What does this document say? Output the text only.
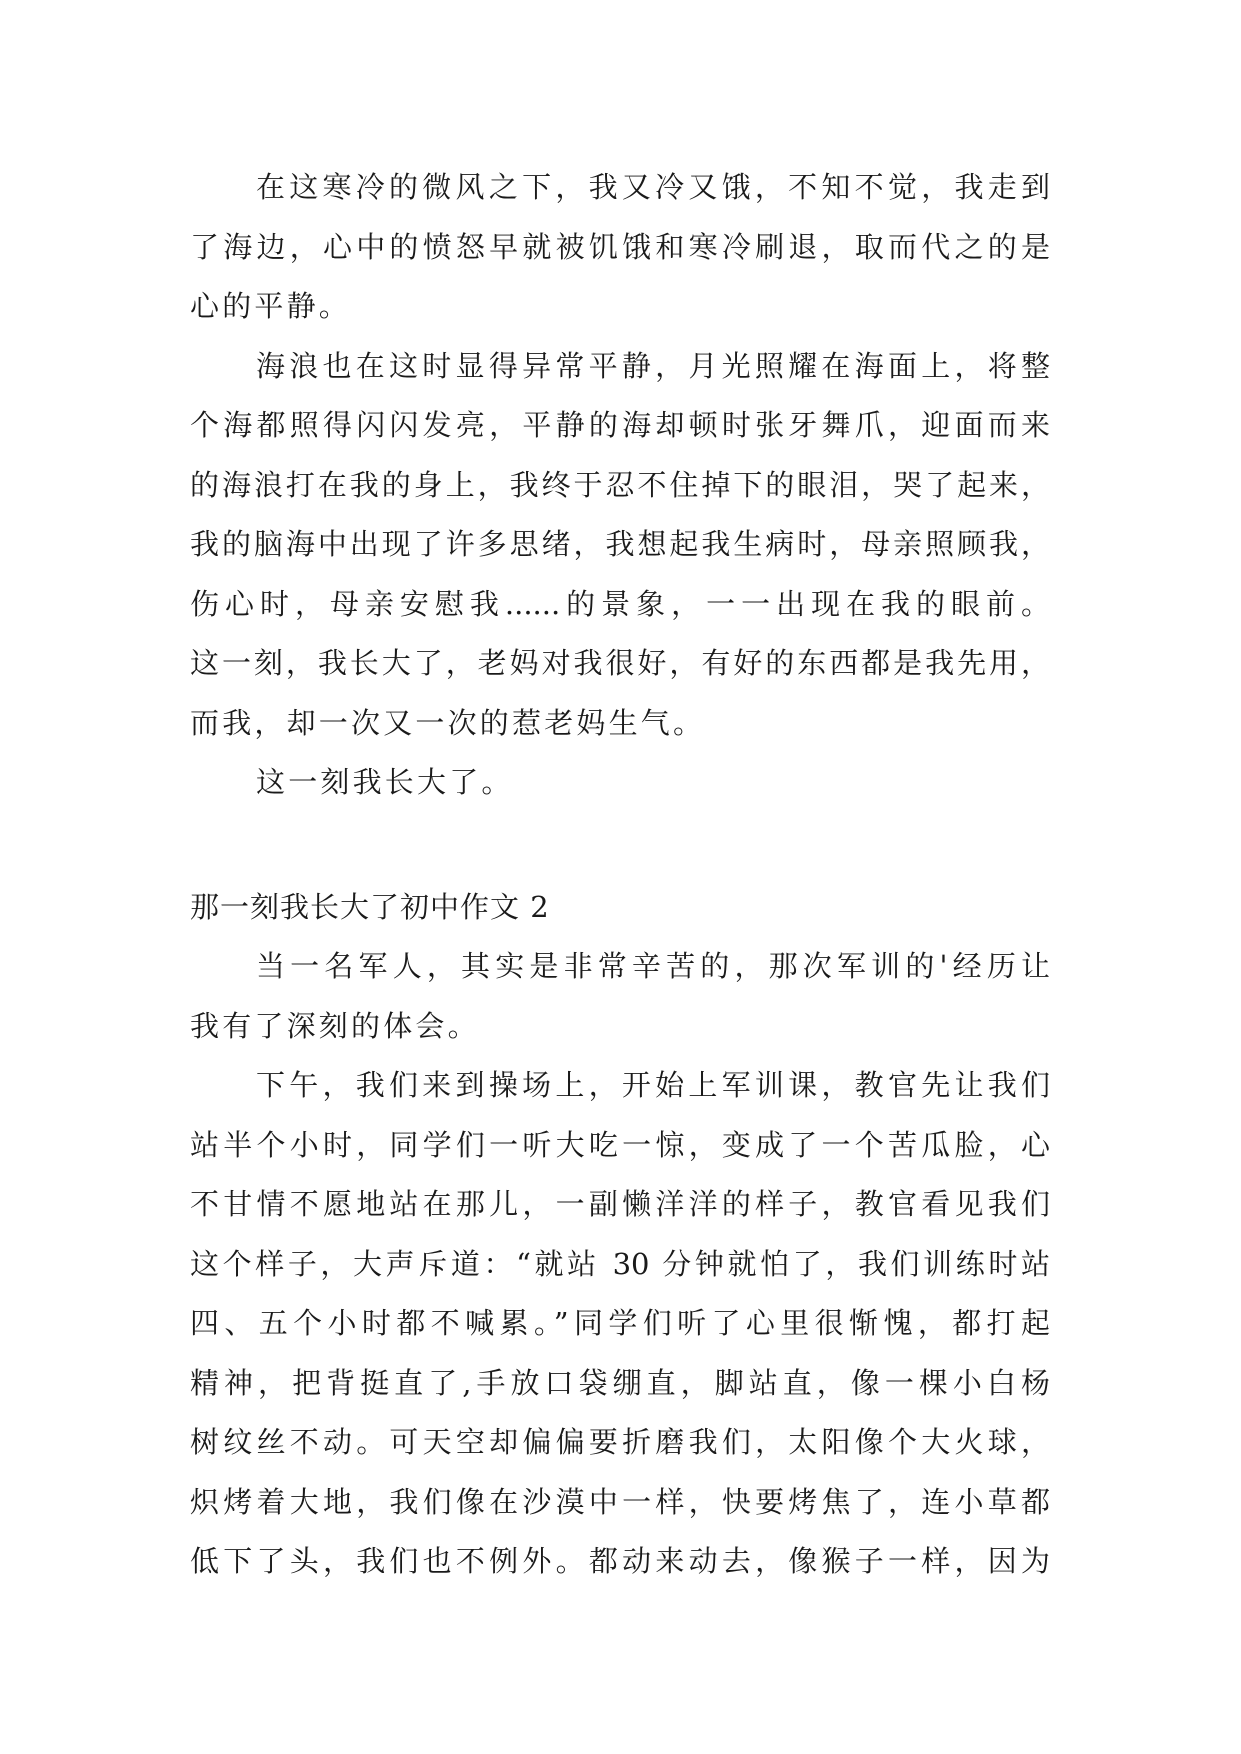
在这寒冷的微风之下，我又冷又饿，不知不觉，我走到
了海边，心中的愤怒早就被饥饿和寒冷刷退，取而代之的是
心的平静。
海浪也在这时显得异常平静，月光照耀在海面上，将整
个海都照得闪闪发亮，平静的海却顿时张牙舞爪，迎面而来
的海浪打在我的身上，我终于忍不住掉下的眼泪，哭了起来，
我的脑海中出现了许多思绪，我想起我生病时，母亲照顾我，
伤心时，母亲安慰我......的景象，一一出现在我的眼前。
这一刻，我长大了，老妈对我很好，有好的东西都是我先用，
而我，却一次又一次的惹老妈生气。
这一刻我长大了。
那一刻我长大了初中作文 2
当一名军人，其实是非常辛苦的，那次军训的'经历让
我有了深刻的体会。
下午，我们来到操场上，开始上军训课，教官先让我们
站半个小时，同学们一听大吃一惊，变成了一个苦瓜脸，心
不甘情不愿地站在那儿，一副懒洋洋的样子，教官看见我们
这个样子，大声斥道：“就站 30 分钟就怕了，我们训练时站
四、五个小时都不喊累。”同学们听了心里很惭愧，都打起
精神，把背挺直了,手放口袋绷直，脚站直，像一棵小白杨
树纹丝不动。可天空却偏偏要折磨我们，太阳像个大火球，
炽烤着大地，我们像在沙漠中一样，快要烤焦了，连小草都
低下了头，我们也不例外。都动来动去，像猴子一样，因为
